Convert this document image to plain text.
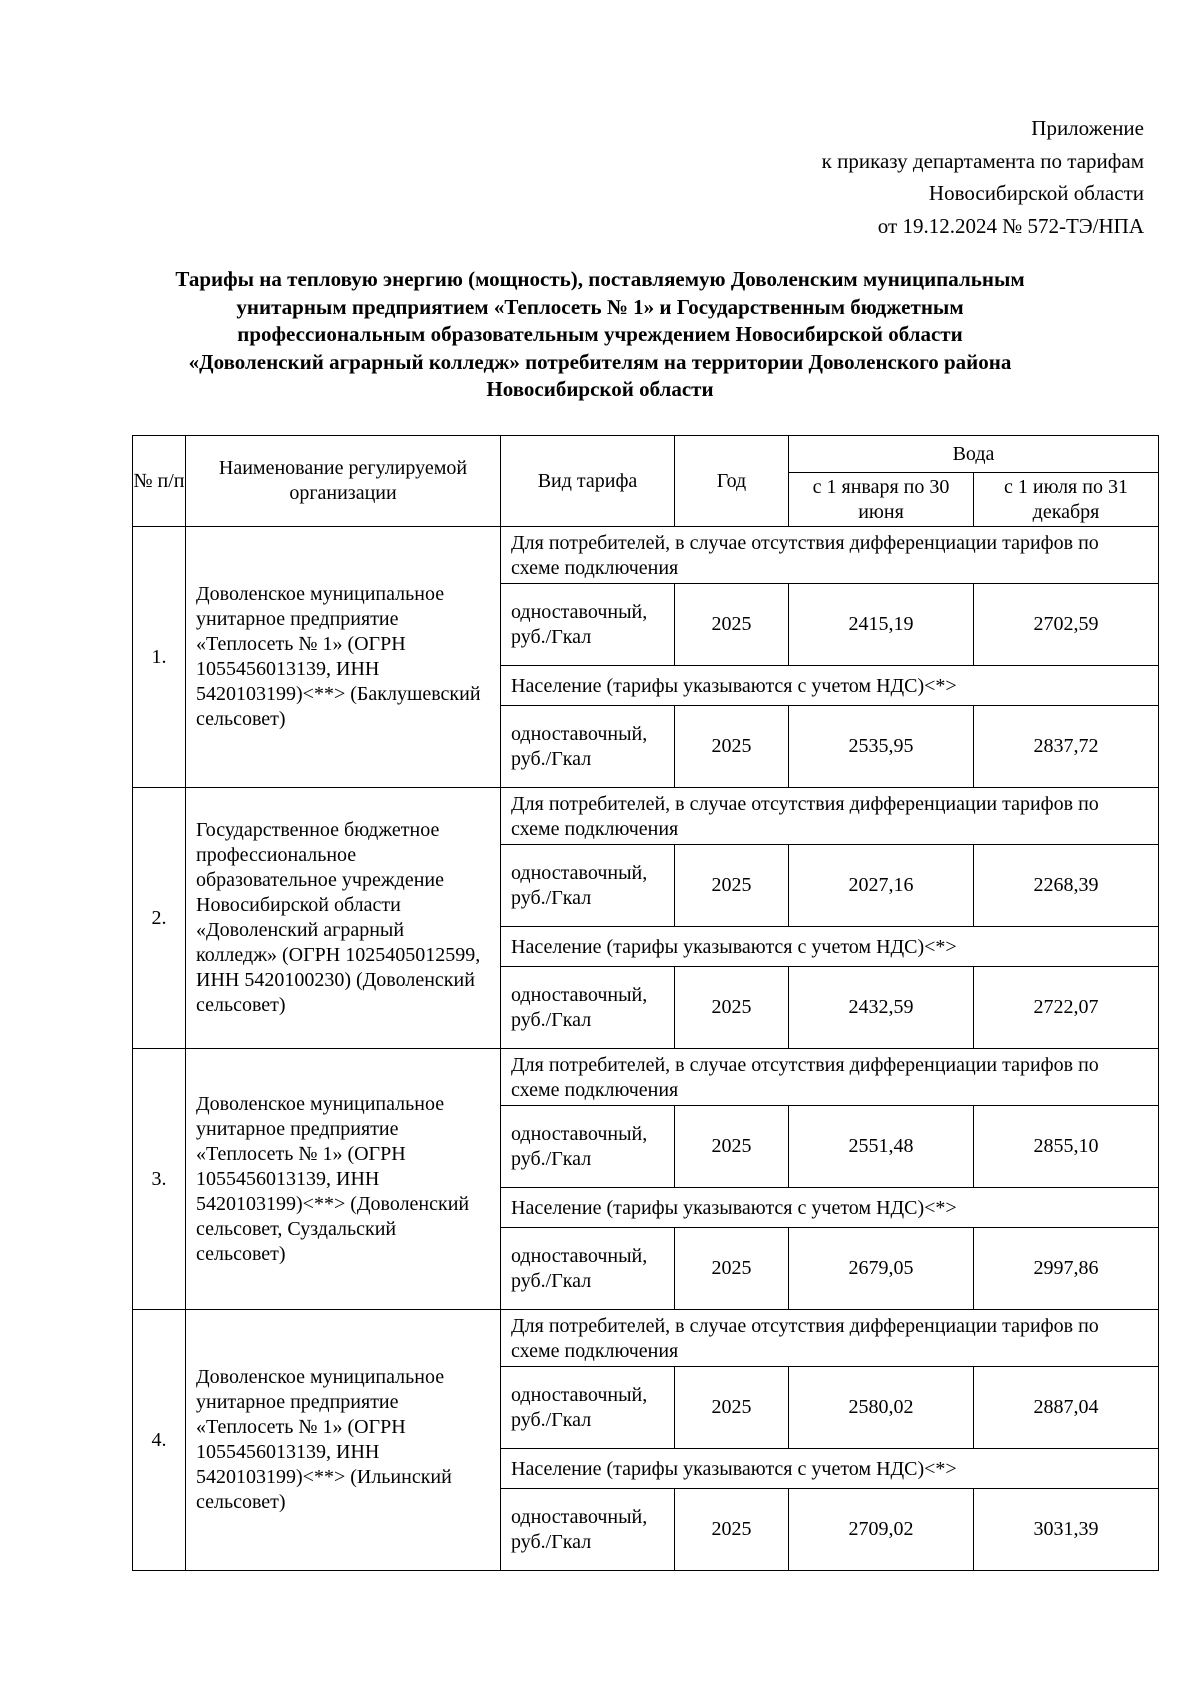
Приложение
к приказу департамента по тарифам
Новосибирской области
от 19.12.2024 № 572-ТЭ/НПА
Тарифы на тепловую энергию (мощность), поставляемую Доволенским муниципальным
унитарным предприятием «Теплосеть № 1» и Государственным бюджетным
профессиональным образовательным учреждением Новосибирской области
«Доволенский аграрный колледж» потребителям на территории Доволенского района
Новосибирской области
№ п/п	Наименование регулируемой организации	Вид тарифа	Год	Вода	
				с 1 января по 30 июня	с 1 июля по 31 декабря
1.	Доволенское муниципальное унитарное предприятие «Теплосеть № 1» (ОГРН 1055456013139, ИНН 5420103199)<**> (Баклушевский сельсовет)	Для потребителей, в случае отсутствия дифференциации тарифов по схеме подключения			
		одноставочный, руб./Гкал	2025	2415,19	2702,59
		Население (тарифы указываются с учетом НДС)<*>			
		одноставочный, руб./Гкал	2025	2535,95	2837,72
2.	Государственное бюджетное профессиональное образовательное учреждение Новосибирской области «Доволенский аграрный колледж» (ОГРН 1025405012599, ИНН 5420100230) (Доволенский сельсовет)	Для потребителей, в случае отсутствия дифференциации тарифов по схеме подключения			
		одноставочный, руб./Гкал	2025	2027,16	2268,39
		Население (тарифы указываются с учетом НДС)<*>			
		одноставочный, руб./Гкал	2025	2432,59	2722,07
3.	Доволенское муниципальное унитарное предприятие «Теплосеть № 1» (ОГРН 1055456013139, ИНН 5420103199)<**> (Доволенский сельсовет, Суздальский сельсовет)	Для потребителей, в случае отсутствия дифференциации тарифов по схеме подключения			
		одноставочный, руб./Гкал	2025	2551,48	2855,10
		Население (тарифы указываются с учетом НДС)<*>			
		одноставочный, руб./Гкал	2025	2679,05	2997,86
4.	Доволенское муниципальное унитарное предприятие «Теплосеть № 1» (ОГРН 1055456013139, ИНН 5420103199)<**> (Ильинский сельсовет)	Для потребителей, в случае отсутствия дифференциации тарифов по схеме подключения			
		одноставочный, руб./Гкал	2025	2580,02	2887,04
		Население (тарифы указываются с учетом НДС)<*>			
		одноставочный, руб./Гкал	2025	2709,02	3031,39
